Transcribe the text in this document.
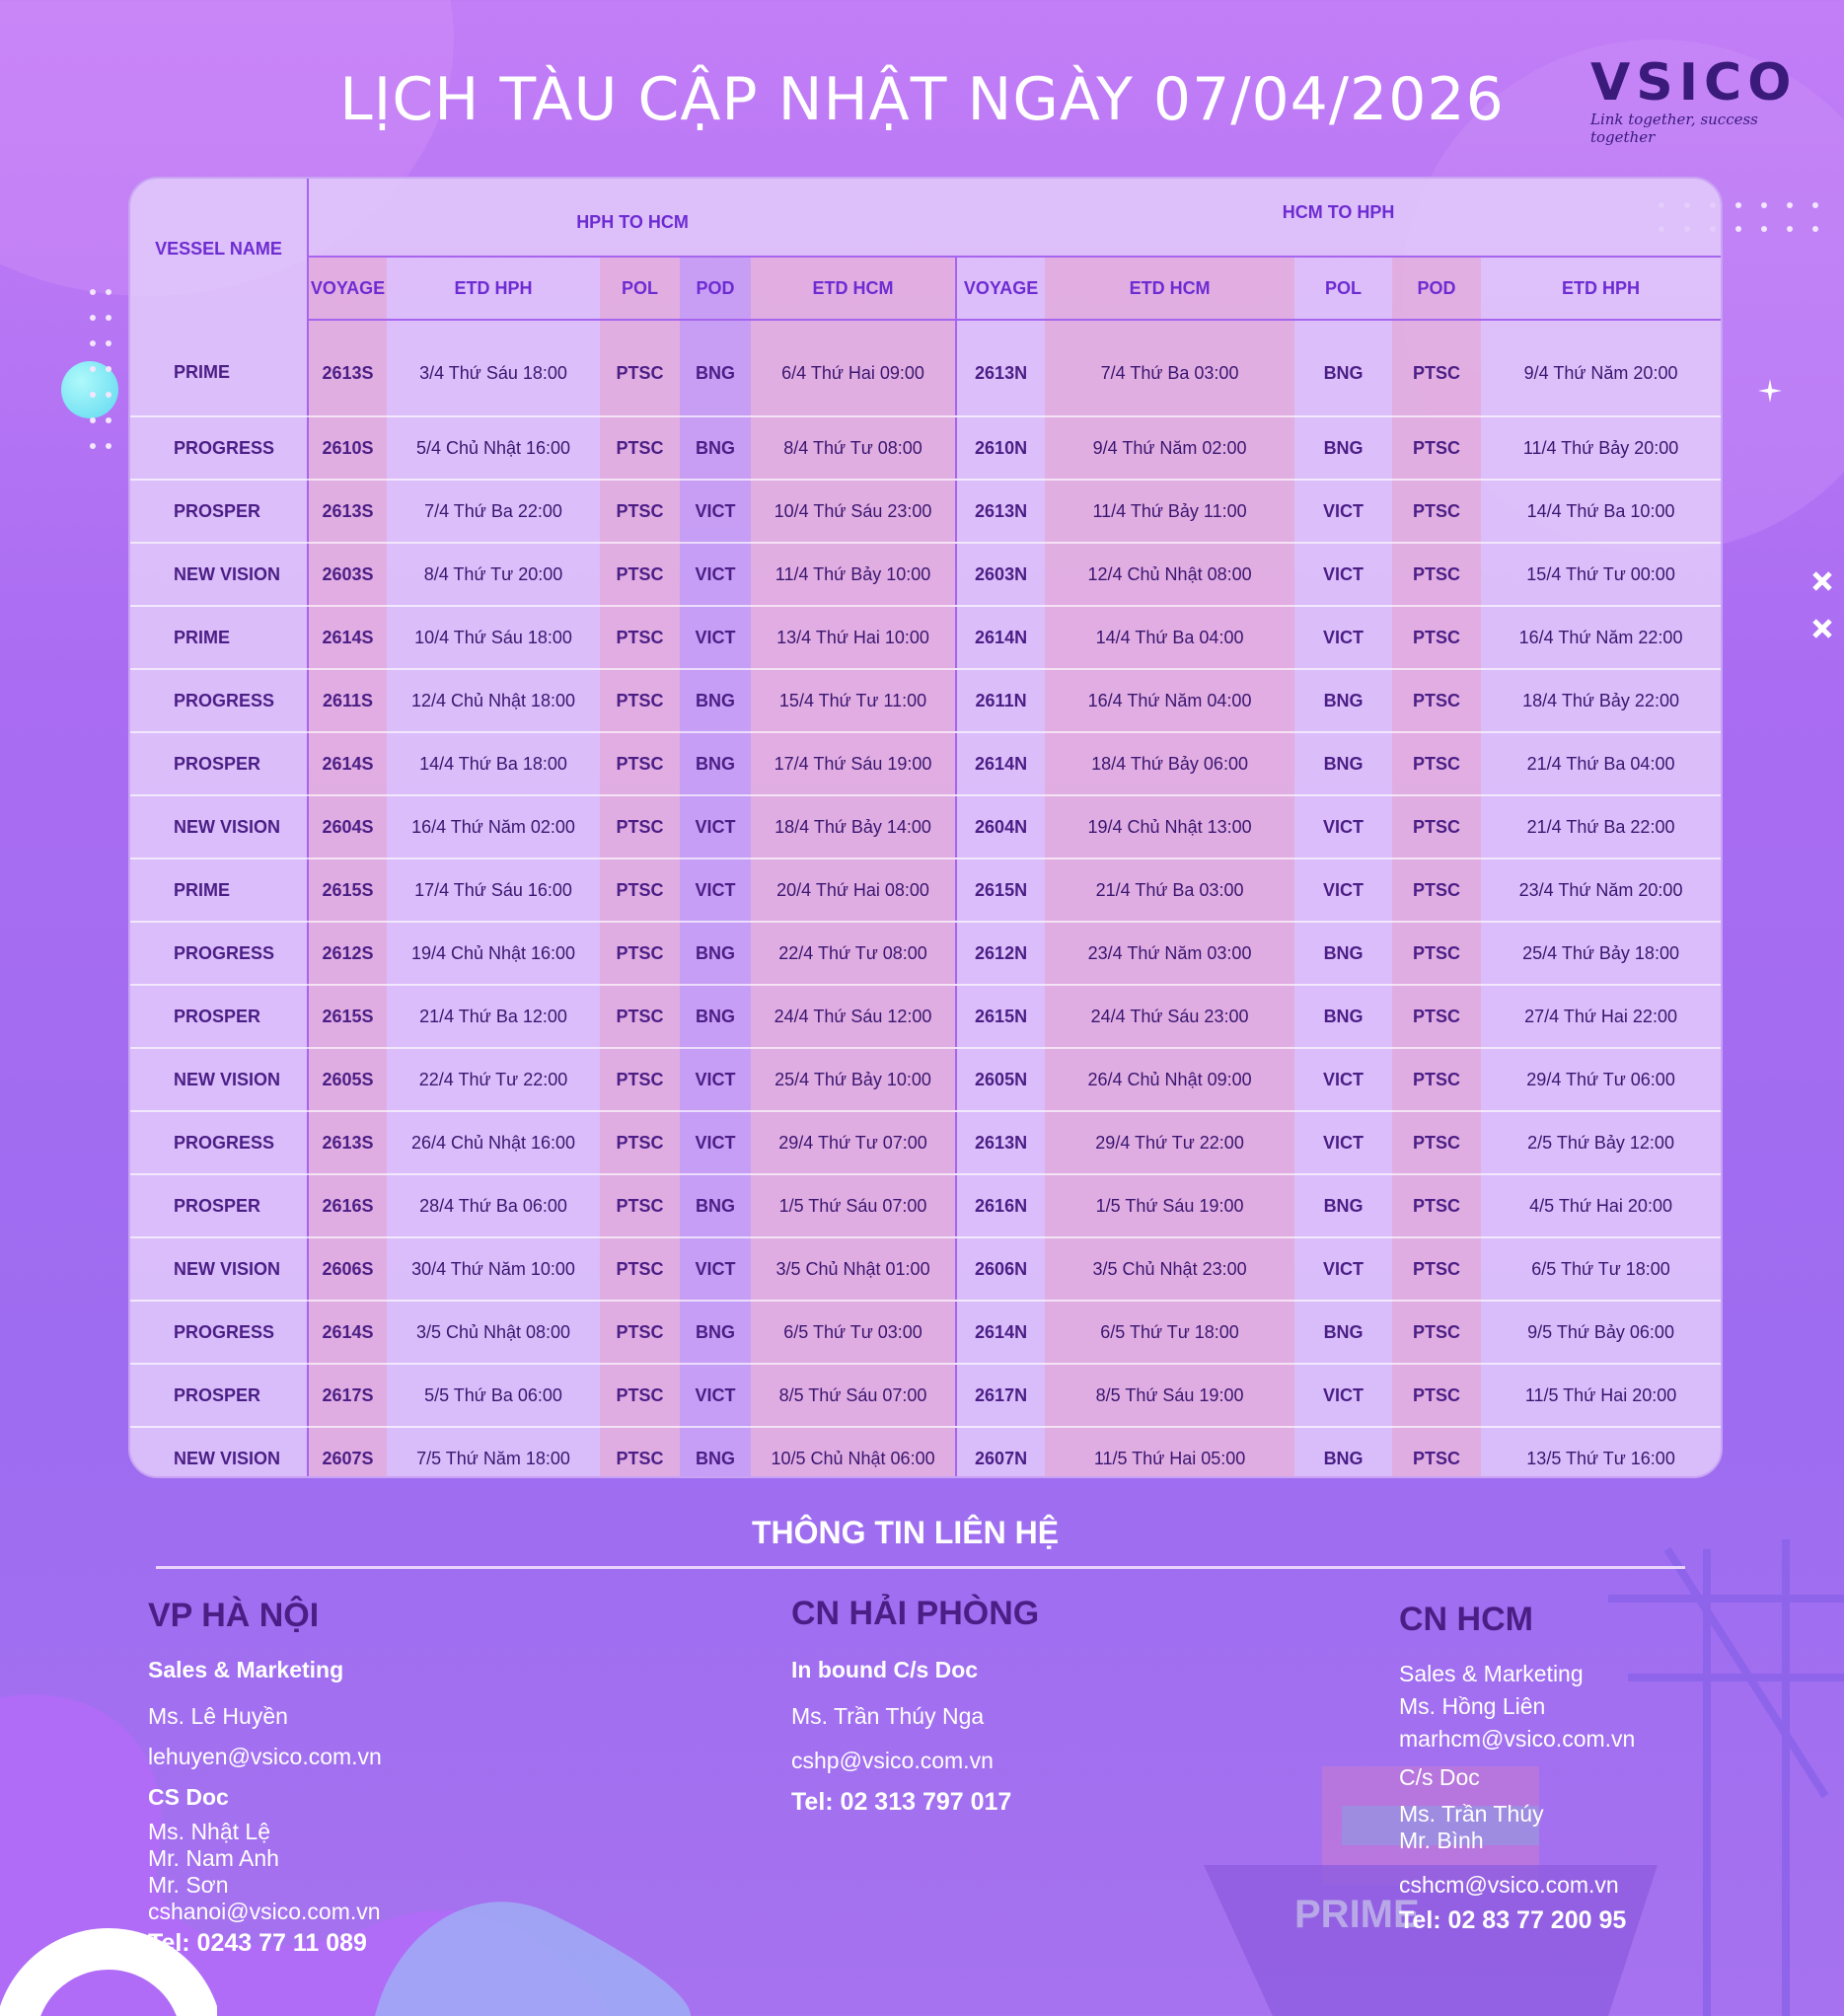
PRIME
LỊCH TÀU CẬP NHẬT NGÀY 07/04/2026	VSICO
Link together, success together
VESSEL NAME	HPH TO HCM					HCM TO HPH				
	VOYAGE	ETD HPH	POL	POD	ETD HCM	VOYAGE	ETD HCM	POL	POD	ETD HPH
PRIME	2613S	3/4 Thứ Sáu 18:00	PTSC	BNG	6/4 Thứ Hai 09:00	2613N	7/4 Thứ Ba 03:00	BNG	PTSC	9/4 Thứ Năm 20:00
PROGRESS	2610S	5/4 Chủ Nhật 16:00	PTSC	BNG	8/4 Thứ Tư 08:00	2610N	9/4 Thứ Năm 02:00	BNG	PTSC	11/4 Thứ Bảy 20:00
PROSPER	2613S	7/4 Thứ Ba 22:00	PTSC	VICT	10/4 Thứ Sáu 23:00	2613N	11/4 Thứ Bảy 11:00	VICT	PTSC	14/4 Thứ Ba 10:00
NEW VISION	2603S	8/4 Thứ Tư 20:00	PTSC	VICT	11/4 Thứ Bảy 10:00	2603N	12/4 Chủ Nhật 08:00	VICT	PTSC	15/4 Thứ Tư 00:00
PRIME	2614S	10/4 Thứ Sáu 18:00	PTSC	VICT	13/4 Thứ Hai 10:00	2614N	14/4 Thứ Ba 04:00	VICT	PTSC	16/4 Thứ Năm 22:00
PROGRESS	2611S	12/4 Chủ Nhật 18:00	PTSC	BNG	15/4 Thứ Tư 11:00	2611N	16/4 Thứ Năm 04:00	BNG	PTSC	18/4 Thứ Bảy 22:00
PROSPER	2614S	14/4 Thứ Ba 18:00	PTSC	BNG	17/4 Thứ Sáu 19:00	2614N	18/4 Thứ Bảy 06:00	BNG	PTSC	21/4 Thứ Ba 04:00
NEW VISION	2604S	16/4 Thứ Năm 02:00	PTSC	VICT	18/4 Thứ Bảy 14:00	2604N	19/4 Chủ Nhật 13:00	VICT	PTSC	21/4 Thứ Ba 22:00
PRIME	2615S	17/4 Thứ Sáu 16:00	PTSC	VICT	20/4 Thứ Hai 08:00	2615N	21/4 Thứ Ba 03:00	VICT	PTSC	23/4 Thứ Năm 20:00
PROGRESS	2612S	19/4 Chủ Nhật 16:00	PTSC	BNG	22/4 Thứ Tư 08:00	2612N	23/4 Thứ Năm 03:00	BNG	PTSC	25/4 Thứ Bảy 18:00
PROSPER	2615S	21/4 Thứ Ba 12:00	PTSC	BNG	24/4 Thứ Sáu 12:00	2615N	24/4 Thứ Sáu 23:00	BNG	PTSC	27/4 Thứ Hai 22:00
NEW VISION	2605S	22/4 Thứ Tư 22:00	PTSC	VICT	25/4 Thứ Bảy 10:00	2605N	26/4 Chủ Nhật 09:00	VICT	PTSC	29/4 Thứ Tư 06:00
PROGRESS	2613S	26/4 Chủ Nhật 16:00	PTSC	VICT	29/4 Thứ Tư 07:00	2613N	29/4 Thứ Tư 22:00	VICT	PTSC	2/5 Thứ Bảy 12:00
PROSPER	2616S	28/4 Thứ Ba 06:00	PTSC	BNG	1/5 Thứ Sáu 07:00	2616N	1/5 Thứ Sáu 19:00	BNG	PTSC	4/5 Thứ Hai 20:00
NEW VISION	2606S	30/4 Thứ Năm 10:00	PTSC	VICT	3/5 Chủ Nhật 01:00	2606N	3/5 Chủ Nhật 23:00	VICT	PTSC	6/5 Thứ Tư 18:00
PROGRESS	2614S	3/5 Chủ Nhật 08:00	PTSC	BNG	6/5 Thứ Tư 03:00	2614N	6/5 Thứ Tư 18:00	BNG	PTSC	9/5 Thứ Bảy 06:00
PROSPER	2617S	5/5 Thứ Ba 06:00	PTSC	VICT	8/5 Thứ Sáu 07:00	2617N	8/5 Thứ Sáu 19:00	VICT	PTSC	11/5 Thứ Hai 20:00
NEW VISION	2607S	7/5 Thứ Năm 18:00	PTSC	BNG	10/5 Chủ Nhật 06:00	2607N	11/5 Thứ Hai 05:00	BNG	PTSC	13/5 Thứ Tư 16:00
THÔNG TIN LIÊN HỆ
VP HÀ NỘI
Sales & Marketing
Ms. Lê Huyền
lehuyen@vsico.com.vn
CS Doc
Ms. Nhật Lệ
Mr. Nam Anh
Mr. Sơn
cshanoi@vsico.com.vn
Tel: 0243 77 11 089
CN HẢI PHÒNG
In bound C/s Doc
Ms. Trần Thúy Nga
cshp@vsico.com.vn
Tel: 02 313 797 017
CN HCM
Sales & Marketing
Ms. Hồng Liên
marhcm@vsico.com.vn
C/s Doc
Ms. Trần Thúy
Mr. Bình
cshcm@vsico.com.vn
Tel: 02 83 77 200 95
